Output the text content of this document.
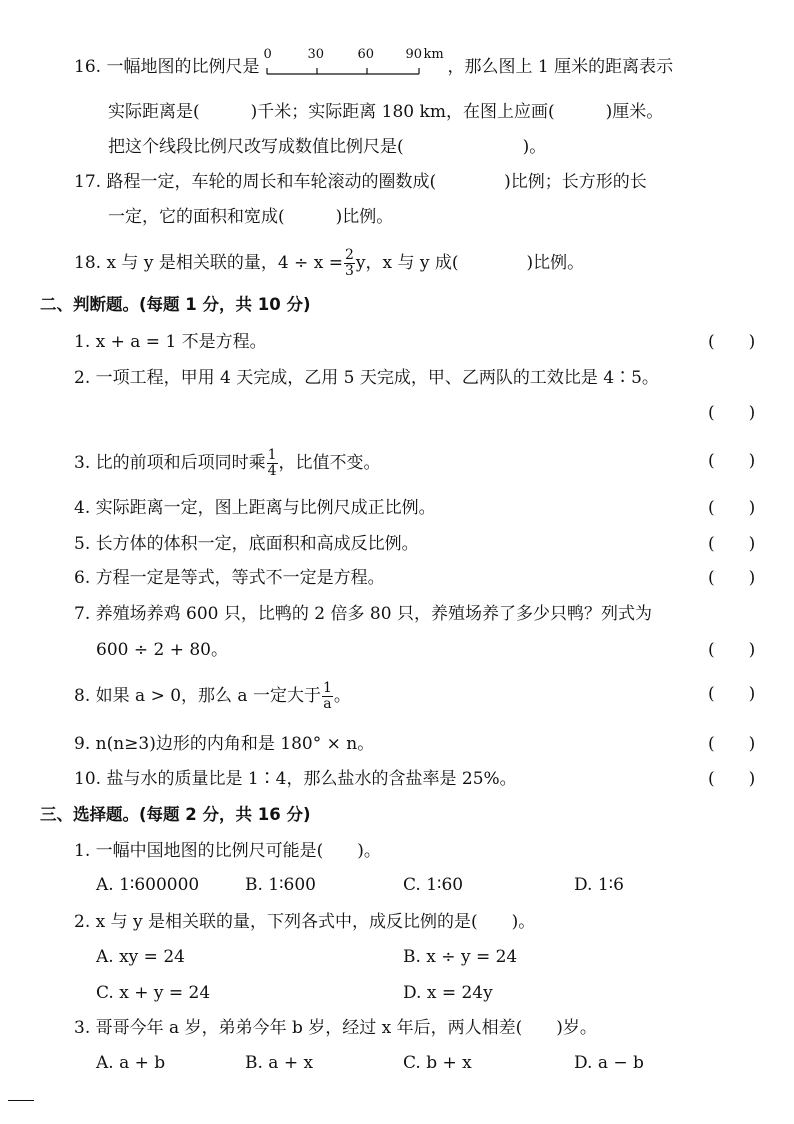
16. 一幅地图的比例尺是
0	30	60 90 km
，那么图上 1 厘米的距离表示
实际距离是(　　　)千米；实际距离 180 km，在图上应画(　　　)厘米。
把这个线段比例尺改写成数值比例尺是(　　　　　　　)。
17. 路程一定，车轮的周长和车轮滚动的圈数成(　　　　)比例；长方形的长
一定，它的面积和宽成(　　　)比例。
18. x 与 y 是相关联的量，$4 \div x = \frac{2}{3}$ y，x 与 y 成(　　　　)比例。
二、判断题。(每题 1 分，共 10 分)
1. x + a = 1 不是方程。	(　　)
2. 一项工程，甲用 4 天完成，乙用 5 天完成，甲、乙两队的工效比是 4∶5。
(　　)
3. 比的前项和后项同时乘 $\frac{1}{4}$ ，比值不变。	(　　)
4. 实际距离一定，图上距离与比例尺成正比例。	(　　)
5. 长方体的体积一定，底面积和高成反比例。	(　　)
6. 方程一定是等式，等式不一定是方程。	(　　)
7. 养殖场养鸡 600 只，比鸭的 2 倍多 80 只，养殖场养了多少只鸭？列式为
600 ÷ 2 + 80。	(　　)
8. 如果 a > 0，那么 a 一定大于 $\frac{1}{a}$ 。	(　　)
9. n(n≥3)边形的内角和是 180° × n。	(　　)
10. 盐与水的质量比是 1∶4，那么盐水的含盐率是 25%。	(　　)
三、选择题。(每题 2 分，共 16 分)
1. 一幅中国地图的比例尺可能是(　　)。
A. 1∶600000	B. 1∶600	C. 1∶60	D. 1∶6
2. x 与 y 是相关联的量，下列各式中，成反比例的是(　　)。
A. xy = 24	B. x ÷ y = 24
C. x + y = 24	D. x = 24y
3. 哥哥今年 a 岁，弟弟今年 b 岁，经过 x 年后，两人相差(　　)岁。
A. a + b	B. a + x	C. b + x	D. a − b
